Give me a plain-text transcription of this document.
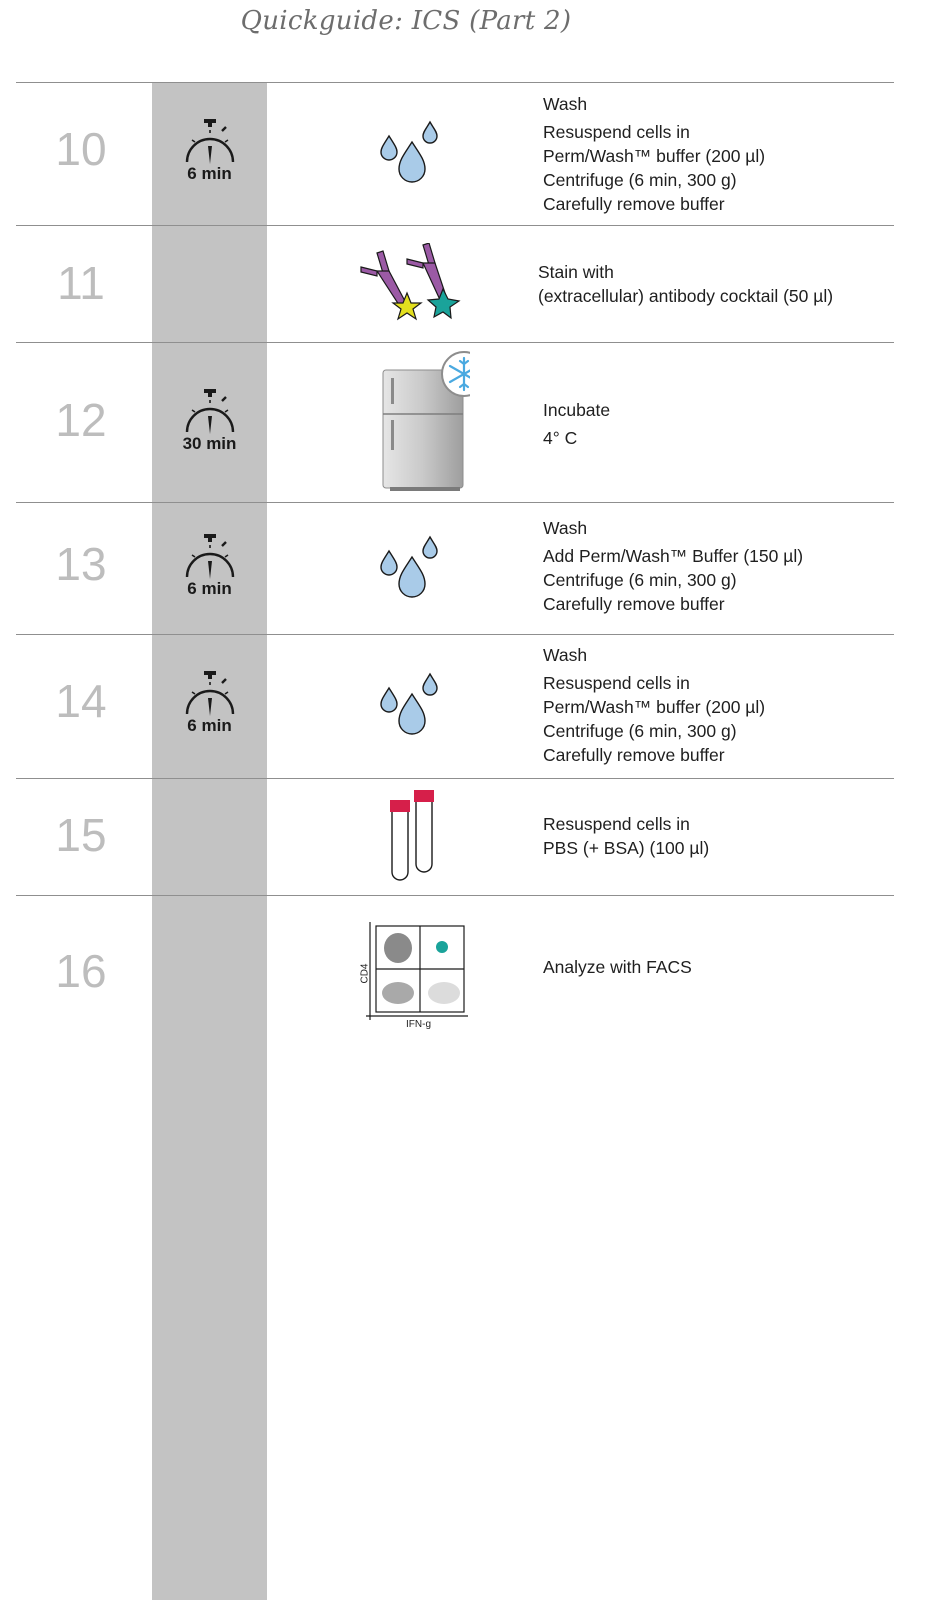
Quickguide: ICS (Part 2)
10	6 min
Wash
Resuspend cells in
Perm/Wash™ buffer (200 µl)
Centrifuge (6 min, 300 g)
Carefully remove buffer
11	Stain with
(extracellular) antibody cocktail (50 µl)
12	30 min
Incubate
4° C
13	6 min
Wash
Add Perm/Wash™ Buffer (150 µl)
Centrifuge (6 min, 300 g)
Carefully remove buffer
14	6 min
Wash
Resuspend cells in
Perm/Wash™ buffer (200 µl)
Centrifuge (6 min, 300 g)
Carefully remove buffer
15	Resuspend cells in
PBS (+ BSA) (100 µl)
16	CD4
IFN-g
Analyze with FACS
